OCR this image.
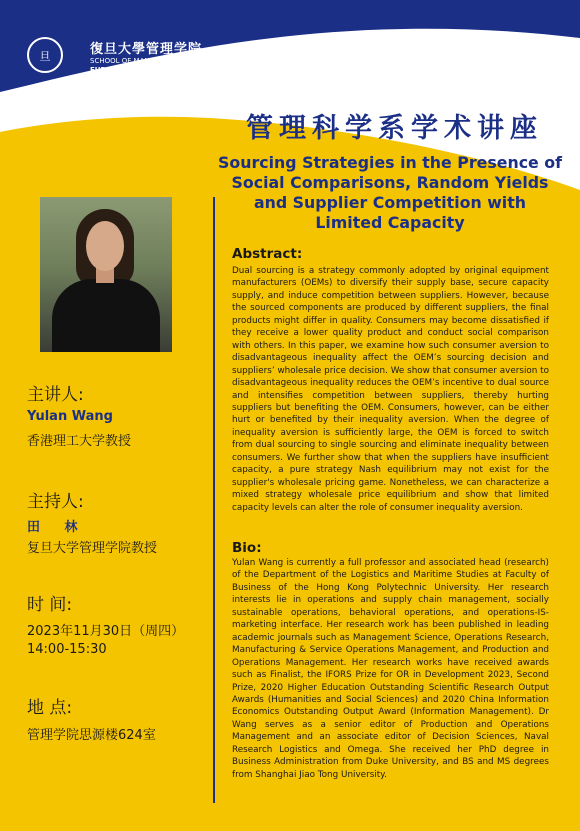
旦	復旦大學管理学院
SCHOOL OF MANAGEMENT
FUDAN UNIVERSITY
管理科学系学术讲座
Sourcing Strategies in the Presence of Social Comparisons, Random Yields and Supplier Competition with Limited Capacity
主讲人:
Yulan Wang
香港理工大学教授
主持人:
田 林
复旦大学管理学院教授
时 间:
2023年11月30日（周四）
14:00-15:30
地 点:
管理学院思源楼624室
Abstract:
Dual sourcing is a strategy commonly adopted by original equipment manufacturers (OEMs) to diversify their supply base, secure capacity supply, and induce competition between suppliers. However, because the sourced components are produced by different suppliers, the final products might differ in quality. Consumers may become dissatisfied if they receive a lower quality product and conduct social comparison with others. In this paper, we examine how such consumer aversion to disadvantageous inequality affect the OEM’s sourcing decision and suppliers’ wholesale price decision. We show that consumer aversion to disadvantageous inequality reduces the OEM’s incentive to dual source and intensifies competition between suppliers, thereby hurting suppliers but benefiting the OEM. Consumers, however, can be either hurt or benefited by their inequality aversion. When the degree of inequality aversion is sufficiently large, the OEM is forced to switch from dual sourcing to single sourcing and eliminate inequality between consumers. We further show that when the suppliers have insufficient capacity, a pure strategy Nash equilibrium may not exist for the supplier's wholesale pricing game. Nonetheless, we can characterize a mixed strategy wholesale price equilibrium and show that limited capacity levels can alter the role of consumer inequality aversion.
Bio:
Yulan Wang is currently a full professor and associated head (research) of the Department of the Logistics and Maritime Studies at Faculty of Business of the Hong Kong Polytechnic University. Her research interests lie in operations and supply chain management, socially sustainable operations, behavioral operations, and operations-IS-marketing interface. Her research work has been published in leading academic journals such as Management Science, Operations Research, Manufacturing & Service Operations Management, and Production and Operations Management. Her research works have received awards such as Finalist, the IFORS Prize for OR in Development 2023, Second Prize, 2020 Higher Education Outstanding Scientific Research Output Awards (Humanities and Social Sciences) and 2020 China Information Economics Outstanding Output Award (Information Management). Dr Wang serves as a senior editor of Production and Operations Management and an associate editor of Decision Sciences, Naval Research Logistics and Omega. She received her PhD degree in Business Administration from Duke University, and BS and MS degrees from Shanghai Jiao Tong University.
